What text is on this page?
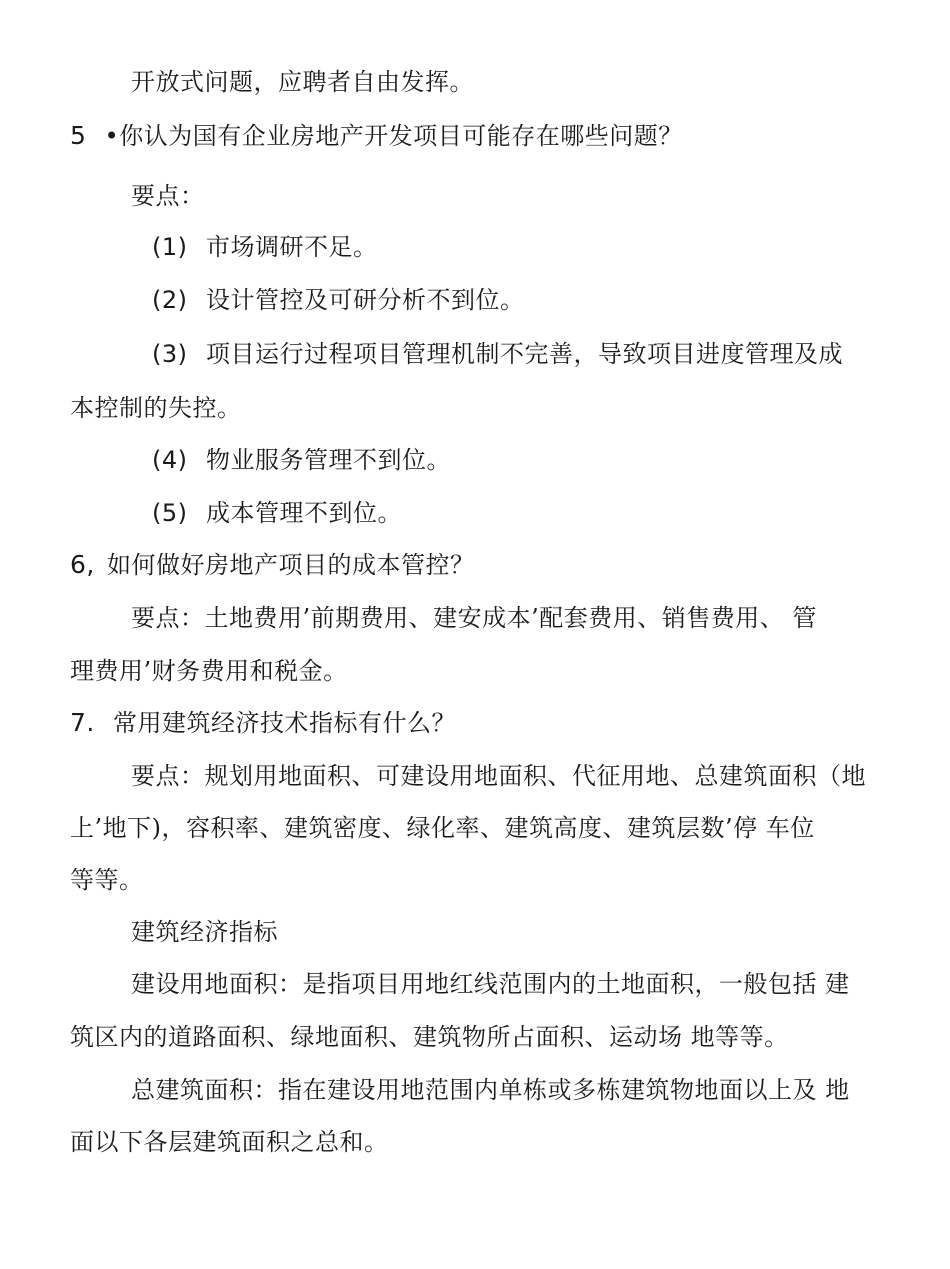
开放式问题，应聘者自由发挥。
5 •你认为国有企业房地产开发项目可能存在哪些问题？
要点：
(1) 市场调研不足。
(2) 设计管控及可研分析不到位。
(3) 项目运行过程项目管理机制不完善，导致项目进度管理及成
本控制的失控。
(4) 物业服务管理不到位。
(5) 成本管理不到位。
6, 如何做好房地产项目的成本管控？
要点：土地费用’前期费用、建安成本’配套费用、销售费用、 管
理费用’财务费用和税金。
7. 常用建筑经济技术指标有什么？
要点：规划用地面积、可建设用地面积、代征用地、总建筑面积（地
上’地下)，容积率、建筑密度、绿化率、建筑高度、建筑层数’停 车位
等等。
建筑经济指标
建设用地面积：是指项目用地红线范围内的土地面积，一般包括 建
筑区内的道路面积、绿地面积、建筑物所占面积、运动场 地等等。
总建筑面积：指在建设用地范围内单栋或多栋建筑物地面以上及 地
面以下各层建筑面积之总和。
